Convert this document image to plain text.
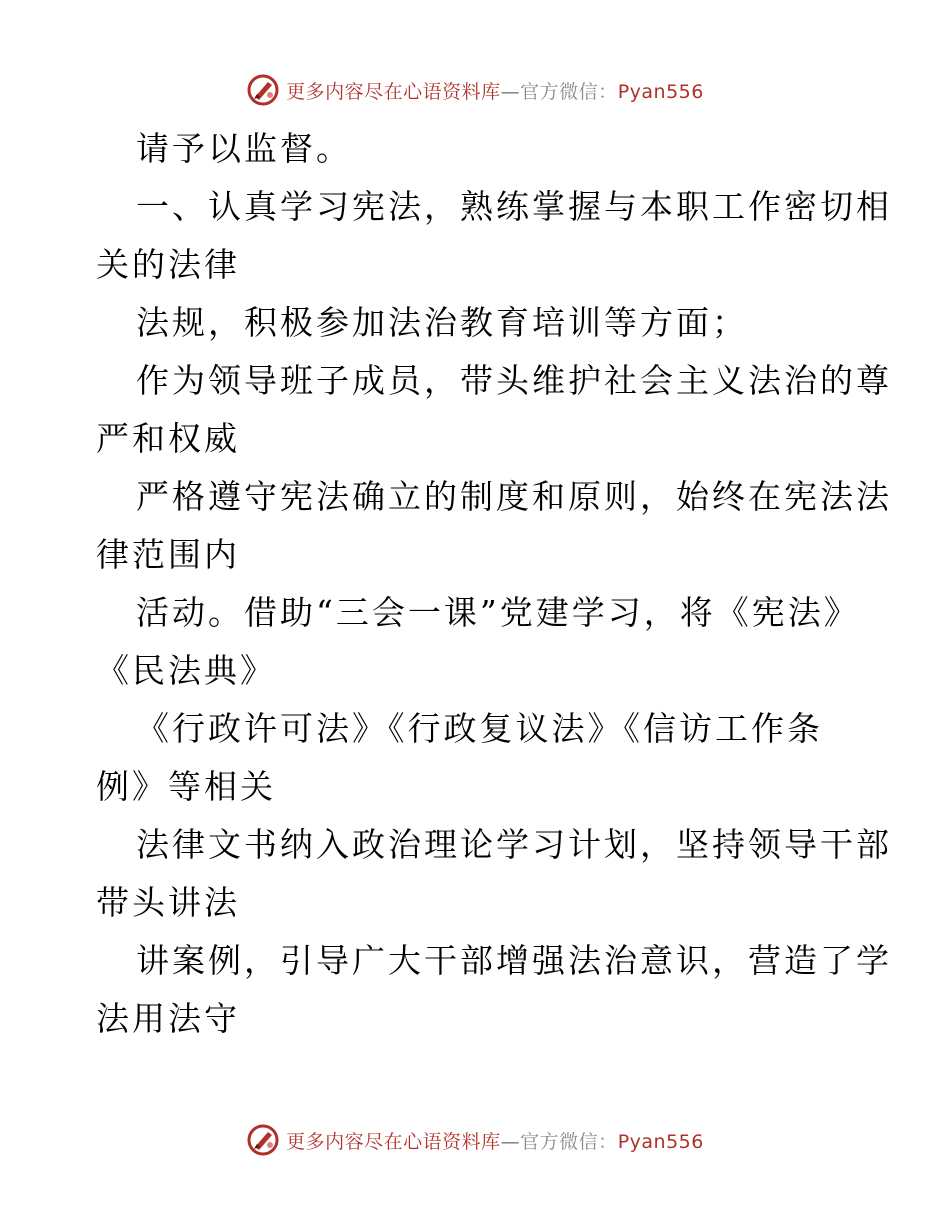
更多内容尽在心语资料库—官方微信：Pyan556
请予以监督。
一、认真学习宪法，熟练掌握与本职工作密切相
关的法律
法规，积极参加法治教育培训等方面；
作为领导班子成员，带头维护社会主义法治的尊
严和权威
严格遵守宪法确立的制度和原则，始终在宪法法
律范围内
活动。借助“三会一课”党建学习，将《宪法》
《民法典》
《行政许可法》《行政复议法》《信访工作条
例》等相关
法律文书纳入政治理论学习计划，坚持领导干部
带头讲法
讲案例，引导广大干部增强法治意识，营造了学
法用法守
更多内容尽在心语资料库—官方微信：Pyan556
